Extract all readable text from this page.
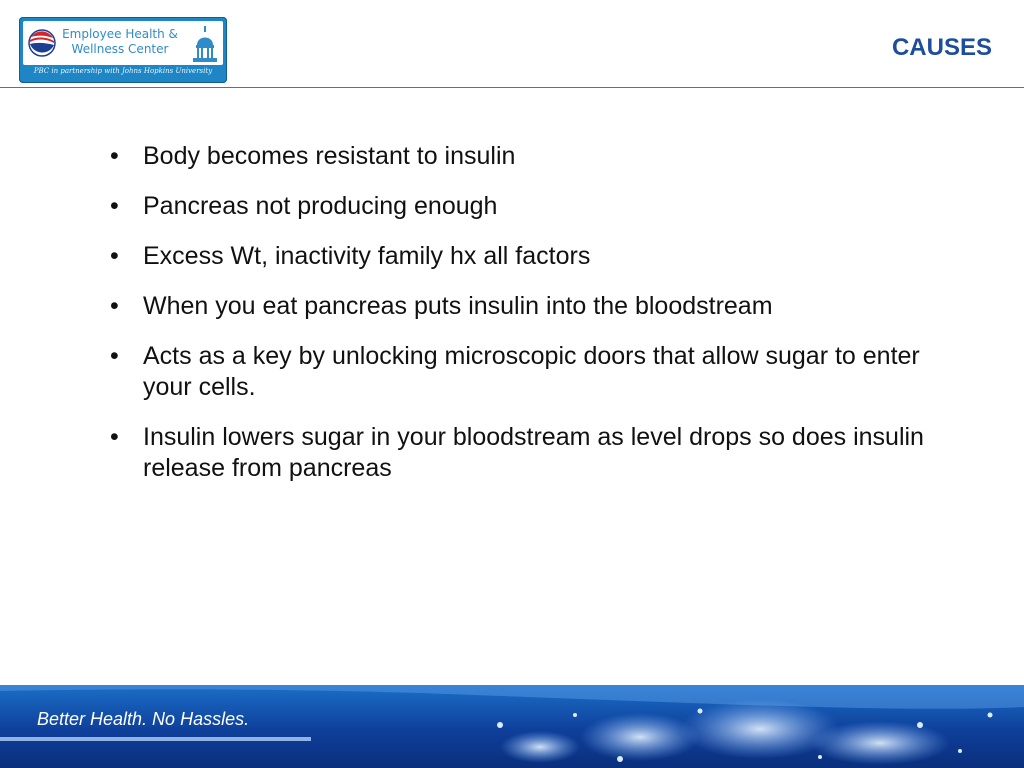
Employee Health &
Wellness Center
PBC in partnership with Johns Hopkins University
CAUSES
• Body becomes resistant to insulin
• Pancreas not producing enough
• Excess Wt, inactivity family hx all factors
• When you eat pancreas puts insulin into the bloodstream
• Acts as a key by unlocking microscopic doors that allow sugar to enter your cells.
• Insulin lowers sugar in your bloodstream as level drops so does insulin release from pancreas
Better Health. No Hassles.
